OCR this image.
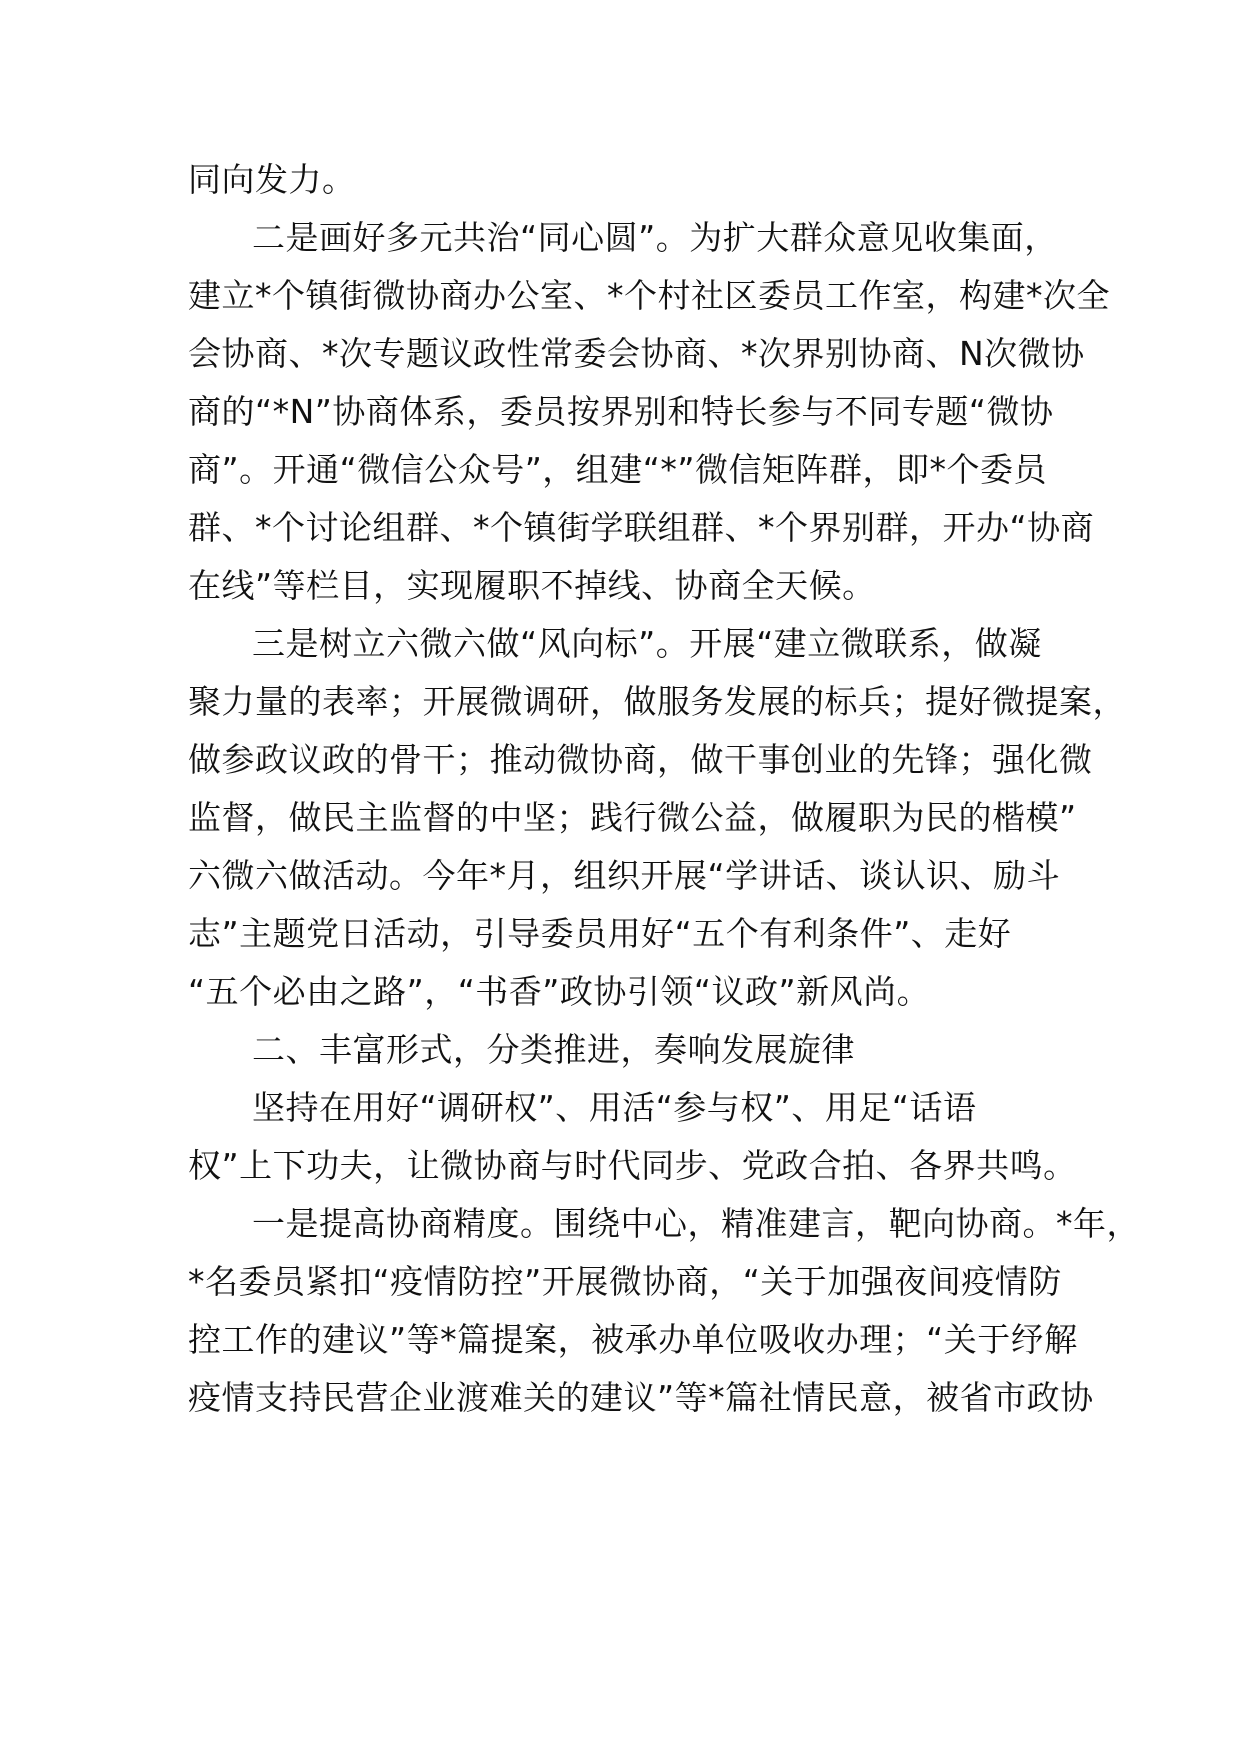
同向发力。
二是画好多元共治“同心圆”。为扩大群众意见收集面，
建立*个镇街微协商办公室、*个村社区委员工作室，构建*次全
会协商、*次专题议政性常委会协商、*次界别协商、N次微协
商的“*N”协商体系，委员按界别和特长参与不同专题“微协
商”。开通“微信公众号”，组建“*”微信矩阵群，即*个委员
群、*个讨论组群、*个镇街学联组群、*个界别群，开办“协商
在线”等栏目，实现履职不掉线、协商全天候。
三是树立六微六做“风向标”。开展“建立微联系，做凝
聚力量的表率；开展微调研，做服务发展的标兵；提好微提案，
做参政议政的骨干；推动微协商，做干事创业的先锋；强化微
监督，做民主监督的中坚；践行微公益，做履职为民的楷模”
六微六做活动。今年*月，组织开展“学讲话、谈认识、励斗
志”主题党日活动，引导委员用好“五个有利条件”、走好
“五个必由之路”，“书香”政协引领“议政”新风尚。
二、丰富形式，分类推进，奏响发展旋律
坚持在用好“调研权”、用活“参与权”、用足“话语
权”上下功夫，让微协商与时代同步、党政合拍、各界共鸣。
一是提高协商精度。围绕中心，精准建言，靶向协商。*年，
*名委员紧扣“疫情防控”开展微协商，“关于加强夜间疫情防
控工作的建议”等*篇提案，被承办单位吸收办理；“关于纾解
疫情支持民营企业渡难关的建议”等*篇社情民意，被省市政协
